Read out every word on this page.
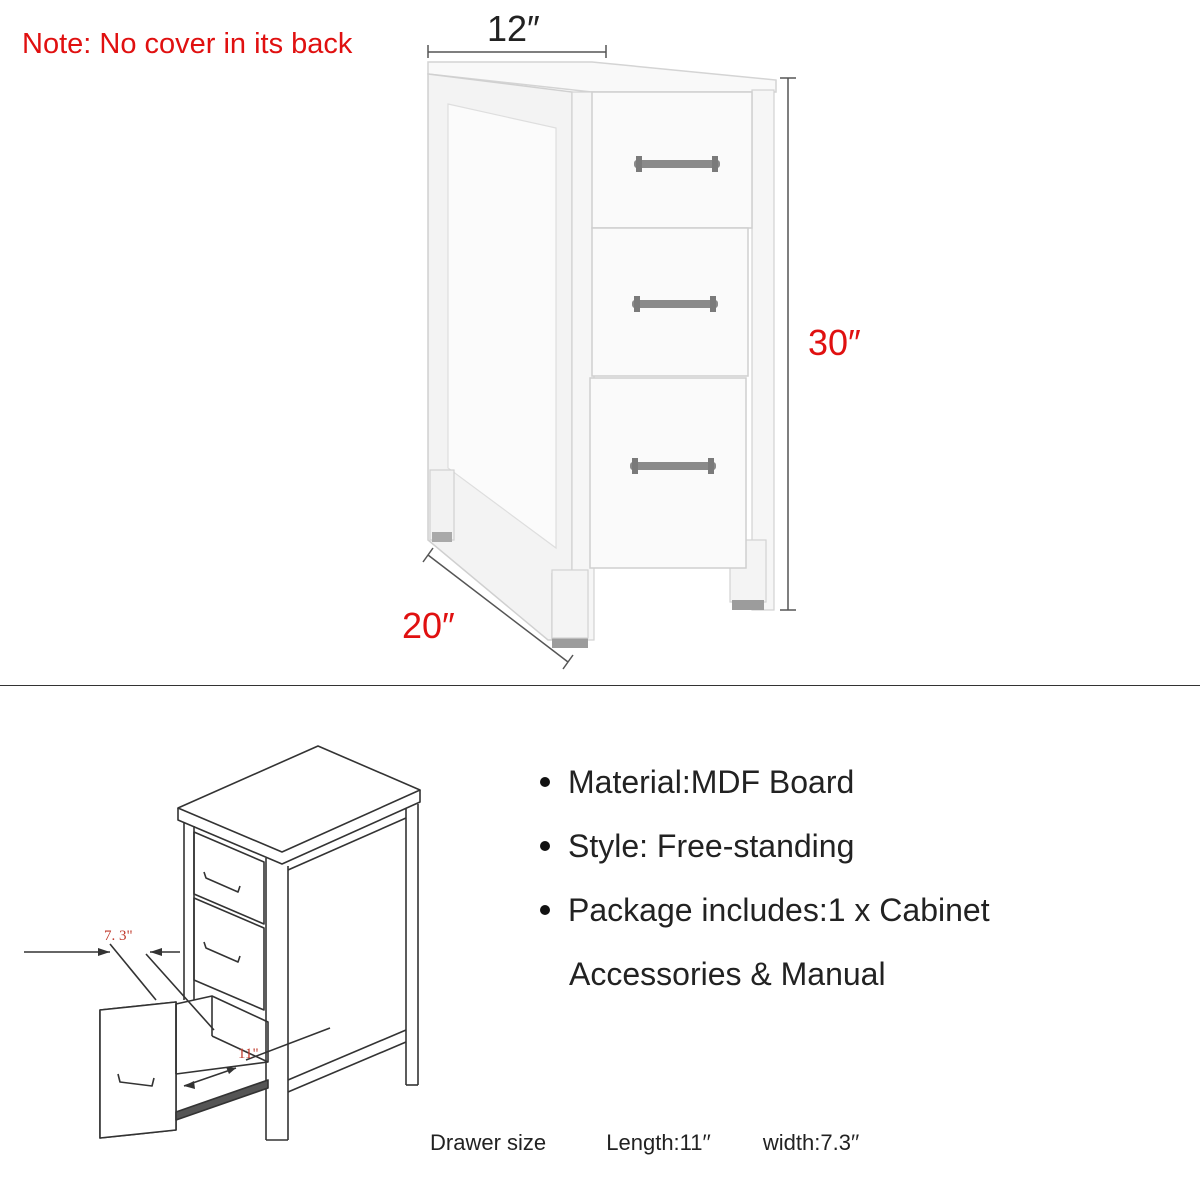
Note: No cover in its back	12″
30″
20″
7. 3"
11"
Material:MDF Board
Style: Free-standing
Package includes:1 x Cabinet
Accessories & Manual
Drawer size	Length:11′′ width:7.3′′
